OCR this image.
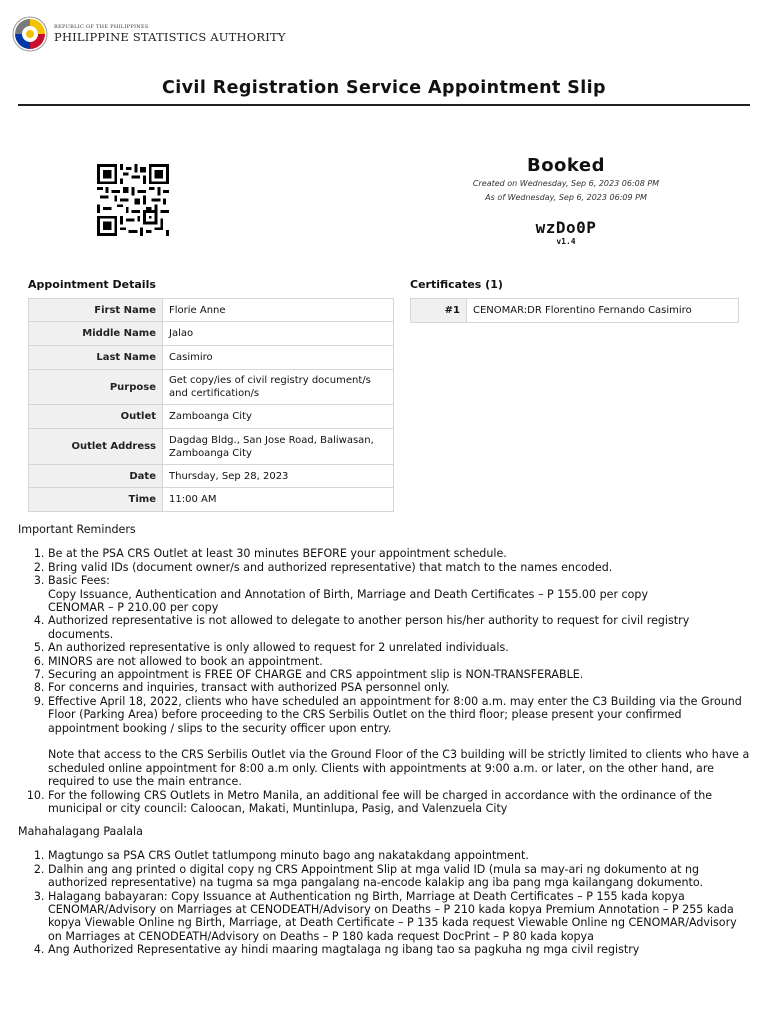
REPUBLIC OF THE PHILIPPINES
PHILIPPINE STATISTICS AUTHORITY
Civil Registration Service Appointment Slip
Booked
Created on Wednesday, Sep 6, 2023 06:08 PM
As of Wednesday, Sep 6, 2023 06:09 PM
wzDo0P
v1.4
Appointment Details
First Name	Florie Anne
Middle Name	Jalao
Last Name	Casimiro
Purpose	Get copy/ies of civil registry document/s and certification/s
Outlet	Zamboanga City
Outlet Address	Dagdag Bldg., San Jose Road, Baliwasan, Zamboanga City
Date	Thursday, Sep 28, 2023
Time	11:00 AM
Certificates (1)
#1	CENOMAR:DR Florentino Fernando Casimiro
Important Reminders
1. Be at the PSA CRS Outlet at least 30 minutes BEFORE your appointment schedule.
2. Bring valid IDs (document owner/s and authorized representative) that match to the names encoded.
3. Basic Fees:
Copy Issuance, Authentication and Annotation of Birth, Marriage and Death Certificates – P 155.00 per copy
CENOMAR – P 210.00 per copy
4. Authorized representative is not allowed to delegate to another person his/her authority to request for civil registry documents.
5. An authorized representative is only allowed to request for 2 unrelated individuals.
6. MINORS are not allowed to book an appointment.
7. Securing an appointment is FREE OF CHARGE and CRS appointment slip is NON-TRANSFERABLE.
8. For concerns and inquiries, transact with authorized PSA personnel only.
9. Effective April 18, 2022, clients who have scheduled an appointment for 8:00 a.m. may enter the C3 Building via the Ground Floor (Parking Area) before proceeding to the CRS Serbilis Outlet on the third floor; please present your confirmed appointment booking / slips to the security officer upon entry.
Note that access to the CRS Serbilis Outlet via the Ground Floor of the C3 building will be strictly limited to clients who have a scheduled online appointment for 8:00 a.m only. Clients with appointments at 9:00 a.m. or later, on the other hand, are required to use the main entrance.
10. For the following CRS Outlets in Metro Manila, an additional fee will be charged in accordance with the ordinance of the municipal or city council: Caloocan, Makati, Muntinlupa, Pasig, and Valenzuela City
Mahahalagang Paalala
1. Magtungo sa PSA CRS Outlet tatlumpong minuto bago ang nakatakdang appointment.
2. Dalhin ang ang printed o digital copy ng CRS Appointment Slip at mga valid ID (mula sa may-ari ng dokumento at ng authorized representative) na tugma sa mga pangalang na-encode kalakip ang iba pang mga kailangang dokumento.
3. Halagang babayaran: Copy Issuance at Authentication ng Birth, Marriage at Death Certificates – P 155 kada kopya CENOMAR/Advisory on Marriages at CENODEATH/Advisory on Deaths – P 210 kada kopya Premium Annotation – P 255 kada kopya Viewable Online ng Birth, Marriage, at Death Certificate – P 135 kada request Viewable Online ng CENOMAR/Advisory on Marriages at CENODEATH/Advisory on Deaths – P 180 kada request DocPrint – P 80 kada kopya
4. Ang Authorized Representative ay hindi maaring magtalaga ng ibang tao sa pagkuha ng mga civil registry
